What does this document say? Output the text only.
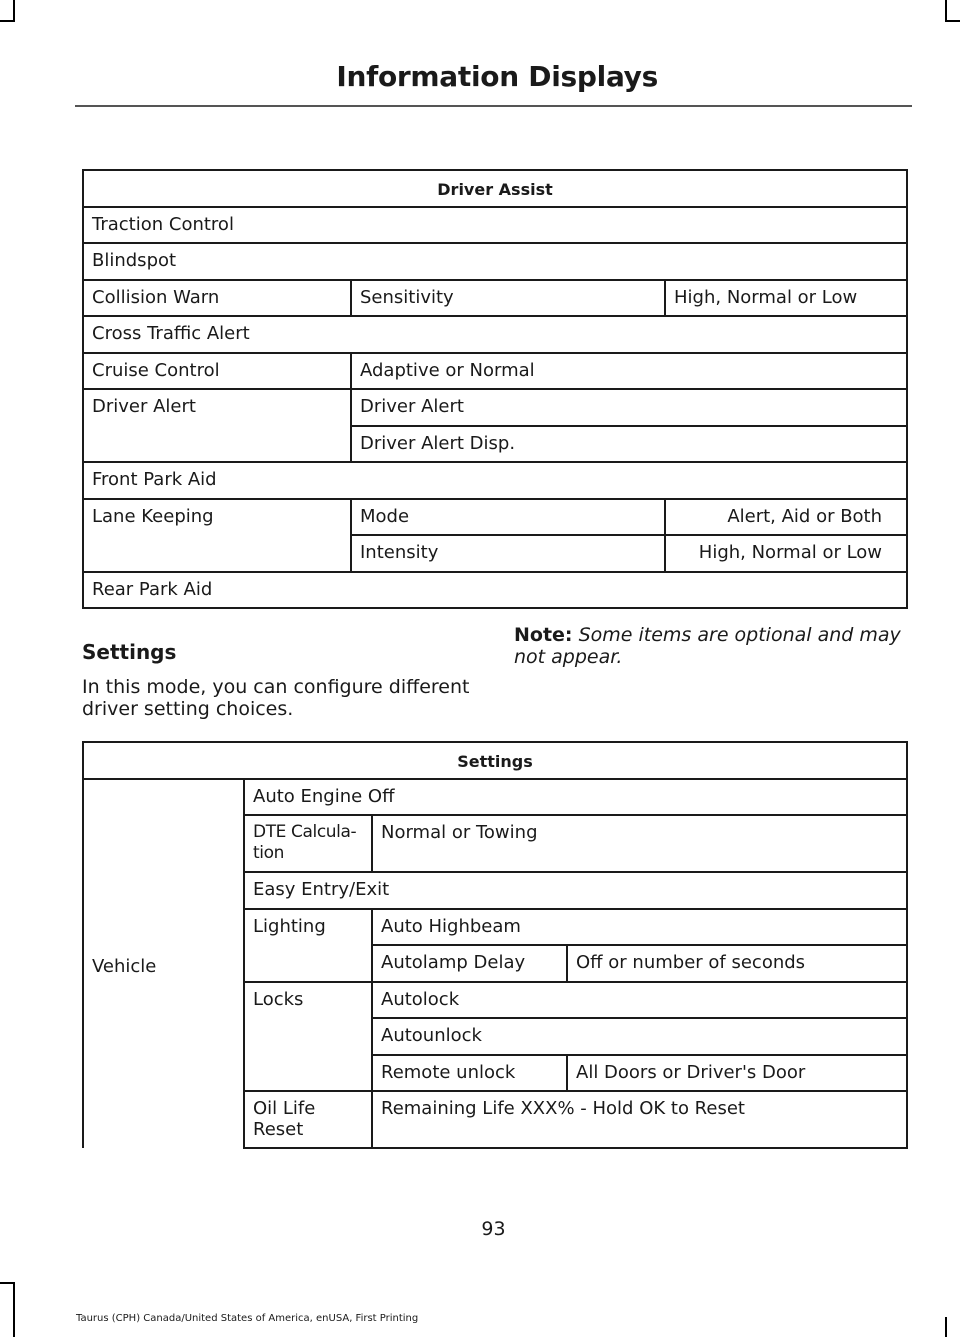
Information Displays
Driver Assist		
Traction Control		
Blindspot		
Collision Warn	Sensitivity	High, Normal or Low
Cross Traffic Alert		
Cruise Control	Adaptive or Normal	
Driver Alert	Driver Alert	
	Driver Alert Disp.	
Front Park Aid		
Lane Keeping	Mode	Alert, Aid or Both
	Intensity	High, Normal or Low
Rear Park Aid		
Settings
In this mode, you can configure different driver setting choices.
Note: Some items are optional and may not appear.
Settings			
Vehicle	Auto Engine Off		
	DTE Calcula-tion	Normal or Towing	
	Easy Entry/Exit		
	Lighting	Auto Highbeam	
		Autolamp Delay	Off or number of seconds
	Locks	Autolock	
		Autounlock	
		Remote unlock	All Doors or Driver's Door
	Oil Life Reset	Remaining Life XXX% - Hold OK to Reset	
93
Taurus (CPH) Canada/United States of America, enUSA, First Printing
